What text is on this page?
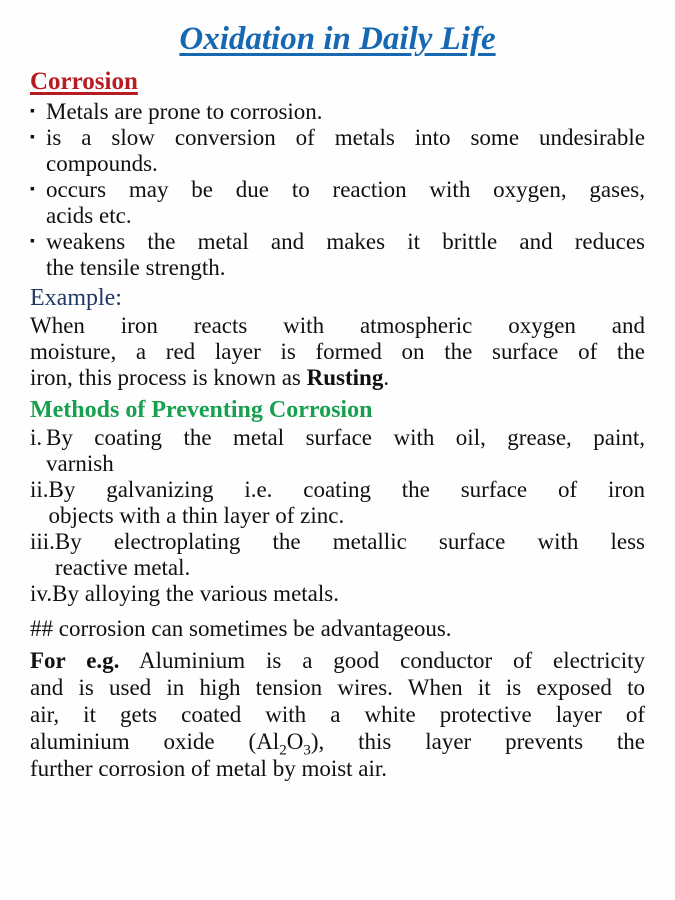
Oxidation in Daily Life
Corrosion
▪ Metals are prone to corrosion.
▪ is a slow conversion of metals into some undesirable
compounds.
▪ occurs may be due to reaction with oxygen, gases,
acids etc.
▪ weakens the metal and makes it brittle and reduces
the tensile strength.
Example:
When iron reacts with atmospheric oxygen and
moisture, a red layer is formed on the surface of the
iron, this process is known as Rusting.
Methods of Preventing Corrosion
i. By coating the metal surface with oil, grease, paint,
varnish
ii. By galvanizing i.e. coating the surface of iron
objects with a thin layer of zinc.
iii. By electroplating the metallic surface with less
reactive metal.
iv. By alloying the various metals.
## corrosion can sometimes be advantageous.
For e.g. Aluminium is a good conductor of electricity
and is used in high tension wires. When it is exposed to
air, it gets coated with a white protective layer of
aluminium oxide $(Al_2O_3)$, this layer prevents the
further corrosion of metal by moist air.
